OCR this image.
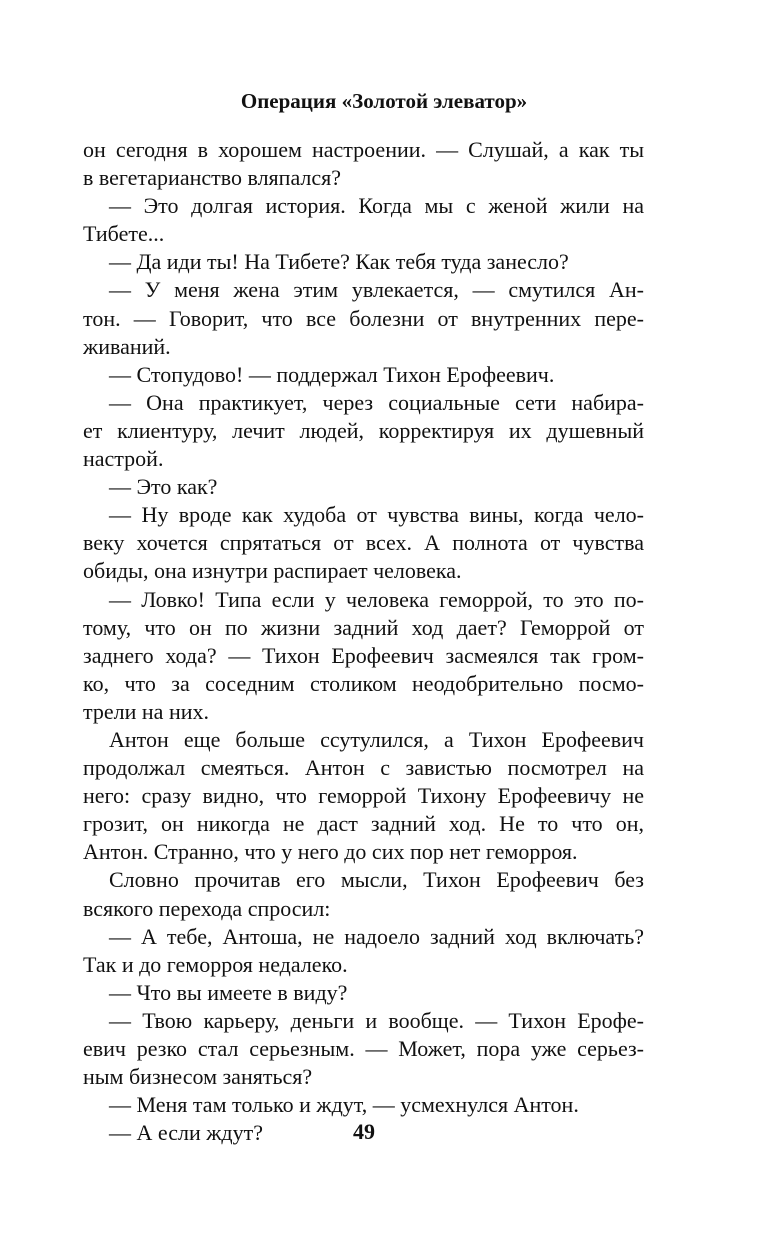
Операция «Золотой элеватор»
он сегодня в хорошем настроении. — Слушай, а как ты
в вегетарианство вляпался?
— Это долгая история. Когда мы с женой жили на
Тибете...
— Да иди ты! На Тибете? Как тебя туда занесло?
— У меня жена этим увлекается, — смутился Ан-
тон. — Говорит, что все болезни от внутренних пере-
живаний.
— Стопудово! — поддержал Тихон Ерофеевич.
— Она практикует, через социальные сети набира-
ет клиентуру, лечит людей, корректируя их душевный
настрой.
— Это как?
— Ну вроде как худоба от чувства вины, когда чело-
веку хочется спрятаться от всех. А полнота от чувства
обиды, она изнутри распирает человека.
— Ловко! Типа если у человека геморрой, то это по-
тому, что он по жизни задний ход дает? Геморрой от
заднего хода? — Тихон Ерофеевич засмеялся так гром-
ко, что за соседним столиком неодобрительно посмо-
трели на них.
Антон еще больше ссутулился, а Тихон Ерофеевич
продолжал смеяться. Антон с завистью посмотрел на
него: сразу видно, что геморрой Тихону Ерофеевичу не
грозит, он никогда не даст задний ход. Не то что он,
Антон. Странно, что у него до сих пор нет геморроя.
Словно прочитав его мысли, Тихон Ерофеевич без
всякого перехода спросил:
— А тебе, Антоша, не надоело задний ход включать?
Так и до геморроя недалеко.
— Что вы имеете в виду?
— Твою карьеру, деньги и вообще. — Тихон Ерофе-
евич резко стал серьезным. — Может, пора уже серьез-
ным бизнесом заняться?
— Меня там только и ждут, — усмехнулся Антон.
— А если ждут?	49
